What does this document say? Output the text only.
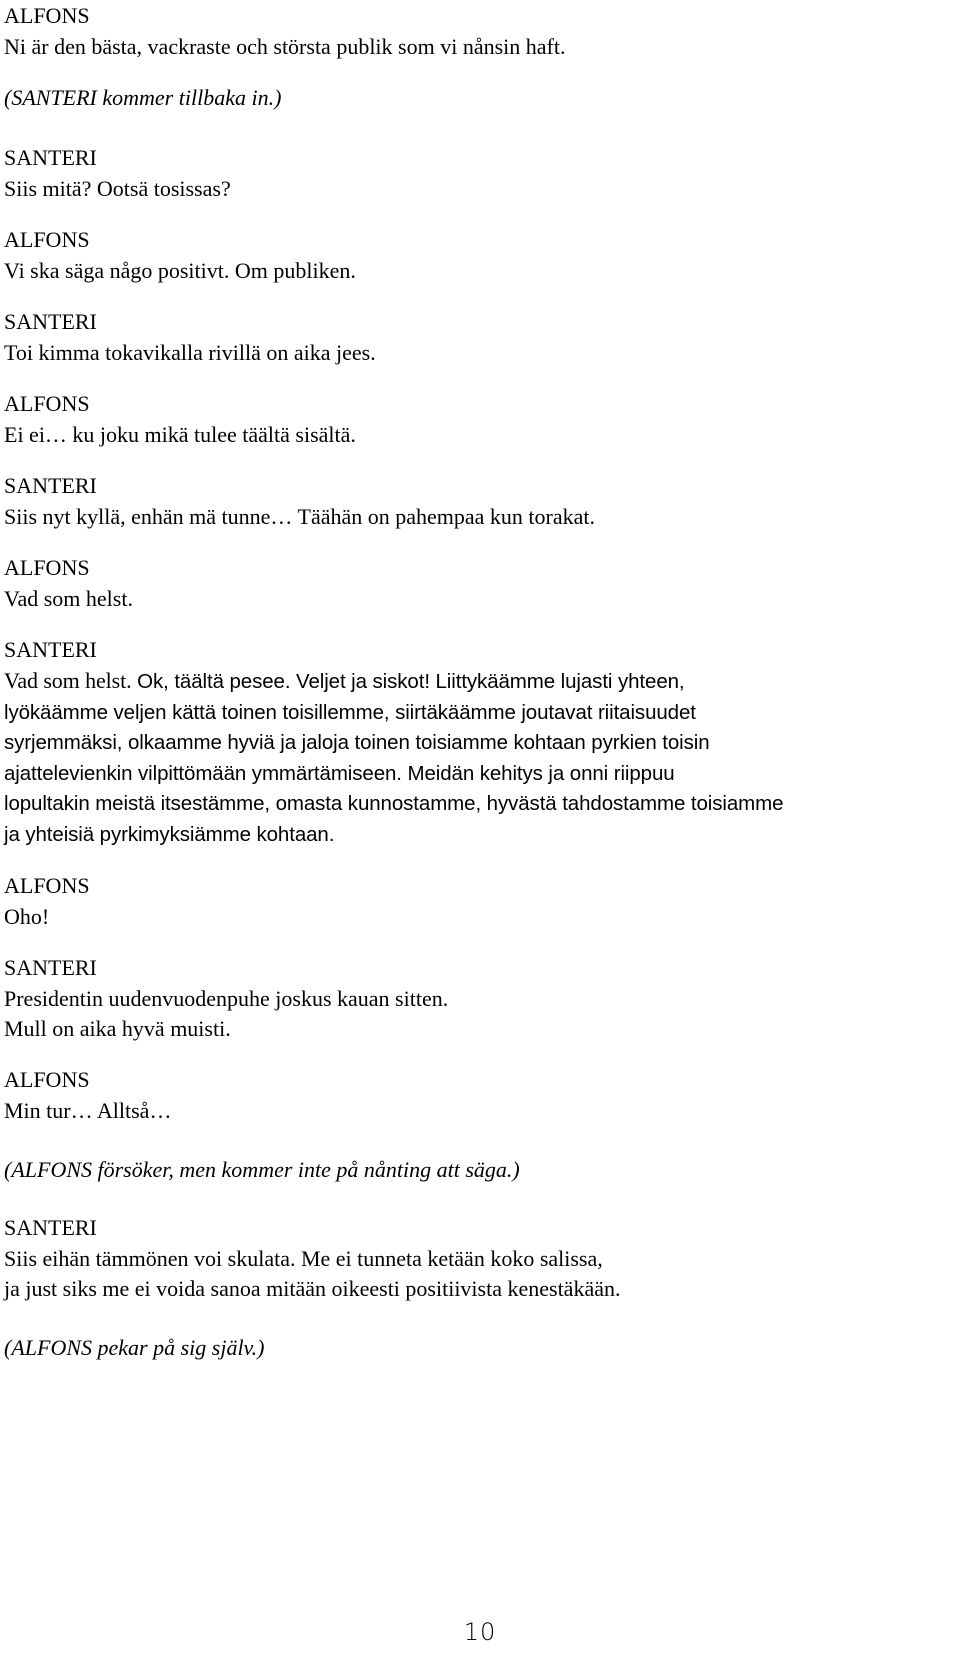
ALFONS
Ni är den bästa, vackraste och största publik som vi nånsin haft.
(SANTERI kommer tillbaka in.)
SANTERI
Siis mitä? Ootsä tosissas?
ALFONS
Vi ska säga någo positivt. Om publiken.
SANTERI
Toi kimma tokavikalla rivillä on aika jees.
ALFONS
Ei ei… ku joku mikä tulee täältä sisältä.
SANTERI
Siis nyt kyllä, enhän mä tunne… Täähän on pahempaa kun torakat.
ALFONS
Vad som helst.
SANTERI
Vad som helst. Ok, täältä pesee. Veljet ja siskot! Liittykäämme lujasti yhteen,
lyökäämme veljen kättä toinen toisillemme, siirtäkäämme joutavat riitaisuudet
syrjemmäksi, olkaamme hyviä ja jaloja toinen toisiamme kohtaan pyrkien toisin
ajattelevienkin vilpittömään ymmärtämiseen. Meidän kehitys ja onni riippuu
lopultakin meistä itsestämme, omasta kunnostamme, hyvästä tahdostamme toisiamme
ja yhteisiä pyrkimyksiämme kohtaan.
ALFONS
Oho!
SANTERI
Presidentin uudenvuodenpuhe joskus kauan sitten.
Mull on aika hyvä muisti.
ALFONS
Min tur… Alltså…
(ALFONS försöker, men kommer inte på nånting att säga.)
SANTERI
Siis eihän tämmönen voi skulata. Me ei tunneta ketään koko salissa,
ja just siks me ei voida sanoa mitään oikeesti positiivista kenestäkään.
(ALFONS pekar på sig själv.)
10
